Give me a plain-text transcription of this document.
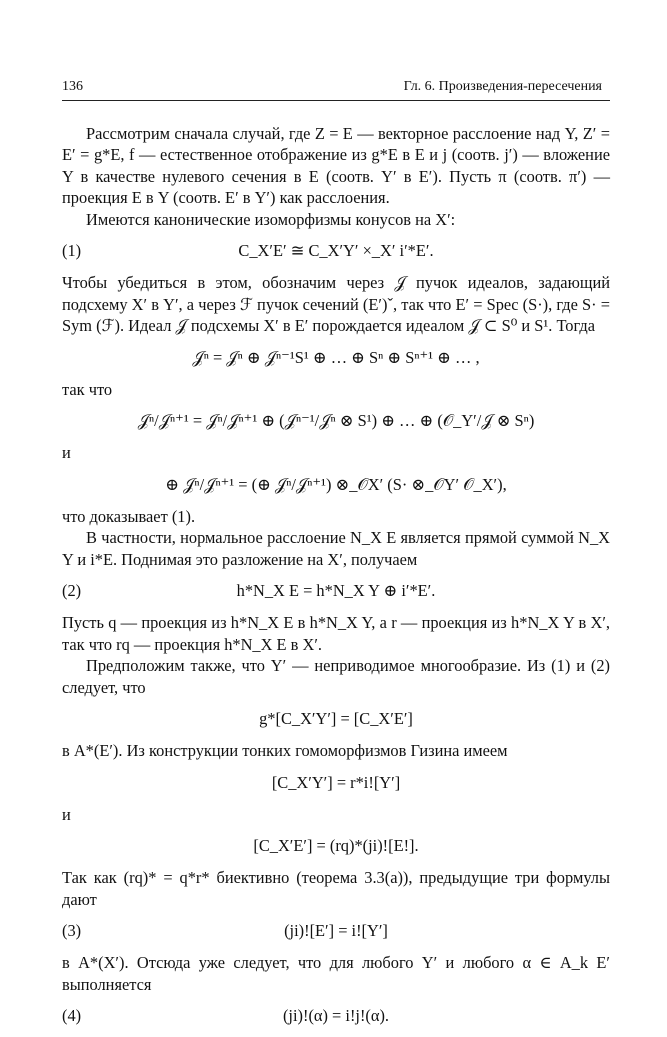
136	Гл. 6. Произведения-пересечения

Рассмотрим сначала случай, где Z = E — векторное расслоение над Y, Z′ = E′ = g*E, f — естественное отображение из g*E в E и j (соотв. j′) — вложение Y в качестве нулевого сечения в E (соотв. Y′ в E′). Пусть π (соотв. π′) — проекция E в Y (соотв. E′ в Y′) как расслоения.

Имеются канонические изоморфизмы конусов на X′:

(1)	C_X′E′ ≅ C_X′Y′ ×_X′ i′*E′.

Чтобы убедиться в этом, обозначим через 𝒥 пучок идеалов, задающий подсхему X′ в Y′, а через ℱ пучок сечений (E′)ˇ, так что E′ = Spec (S·), где S· = Sym (ℱ). Идеал 𝒥 подсхемы X′ в E′ порождается идеалом 𝒥 ⊂ S⁰ и S¹. Тогда

𝒥ⁿ = 𝒥ⁿ ⊕ 𝒥ⁿ⁻¹S¹ ⊕ … ⊕ Sⁿ ⊕ Sⁿ⁺¹ ⊕ … ,

так что

𝒥ⁿ/𝒥ⁿ⁺¹ = 𝒥ⁿ/𝒥ⁿ⁺¹ ⊕ (𝒥ⁿ⁻¹/𝒥ⁿ ⊗ S¹) ⊕ … ⊕ (𝒪_Y′/𝒥 ⊗ Sⁿ)

и

⊕ 𝒥ⁿ/𝒥ⁿ⁺¹ = (⊕ 𝒥ⁿ/𝒥ⁿ⁺¹) ⊗_𝒪X′ (S· ⊗_𝒪Y′ 𝒪_X′),

что доказывает (1).

В частности, нормальное расслоение N_X E является прямой суммой N_X Y и i*E. Поднимая это разложение на X′, получаем

(2)	h*N_X E = h*N_X Y ⊕ i′*E′.

Пусть q — проекция из h*N_X E в h*N_X Y, а r — проекция из h*N_X Y в X′, так что rq — проекция h*N_X E в X′.

Предположим также, что Y′ — неприводимое многообразие. Из (1) и (2) следует, что

g*[C_X′Y′] = [C_X′E′]

в A*(E′). Из конструкции тонких гомоморфизмов Гизина имеем

[C_X′Y′] = r*i![Y′]

и

[C_X′E′] = (rq)*(ji)![E!].

Так как (rq)* = q*r* биективно (теорема 3.3(а)), предыдущие три формулы дают

(3)	(ji)![E′] = i![Y′]

в A*(X′). Отсюда уже следует, что для любого Y′ и любого α ∈ A_k E′ выполняется

(4)	(ji)!(α) = i!j!(α).
